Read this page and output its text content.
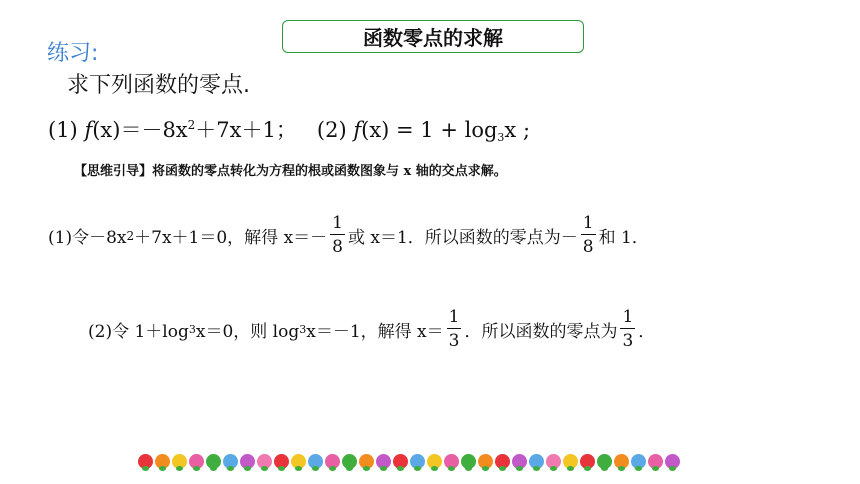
函数零点的求解
练习:
求下列函数的零点.
(1) $f(x)=-8x^2+7x+1$； (2) $f(x) = 1 + \log_3x$ ;
【思维引导】将函数的零点转化为方程的根或函数图象与 x 轴的交点求解。
(1)令－8x 2 ＋7x＋1＝0，解得 $x=- \frac{1}{8}$ 或 x＝1．所以函数的零点为－ $\frac{1}{8}$ 和 1．
(2)令 1＋log 3 x＝0，则 log 3 x＝－1，解得 $x= \frac{1}{3}$ ．所以函数的零点为 $\frac{1}{3}$ ．
